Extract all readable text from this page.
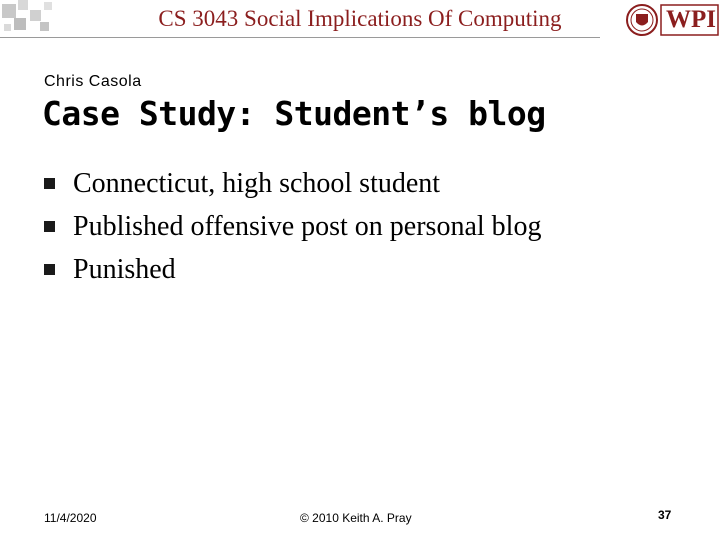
CS 3043 Social Implications Of Computing	WPI
Chris Casola
Case Study: Student’s blog
Connecticut, high school student
Published offensive post on personal blog
Punished
11/4/2020	© 2010 Keith A. Pray	37
